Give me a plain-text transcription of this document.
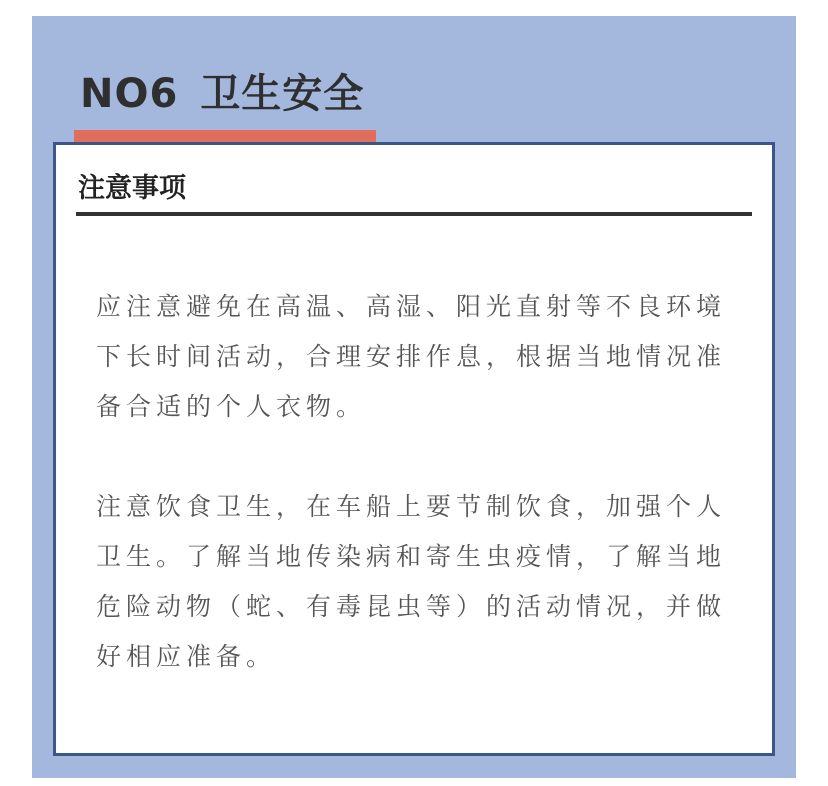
NO6 卫生安全
注意事项

应注意避免在高温、高湿、阳光直射等不良环境下长时间活动，合理安排作息，根据当地情况准备合适的个人衣物。

注意饮食卫生，在车船上要节制饮食，加强个人卫生。了解当地传染病和寄生虫疫情，了解当地危险动物（蛇、有毒昆虫等）的活动情况，并做好相应准备。
